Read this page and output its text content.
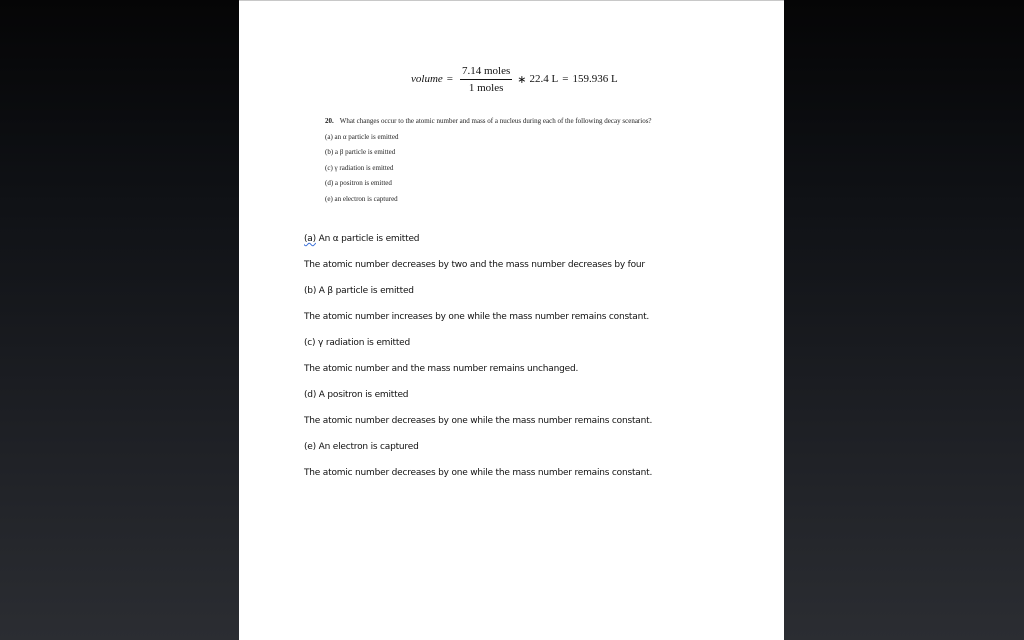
volume = $\frac{\text{7.14 moles}}{\text{1 moles}}$ ∗ 22.4 L = 159.936 L
20. What changes occur to the atomic number and mass of a nucleus during each of the following decay scenarios?
(a) an α particle is emitted
(b) a β particle is emitted
(c) γ radiation is emitted
(d) a positron is emitted
(e) an electron is captured
(a) An α particle is emitted
The atomic number decreases by two and the mass number decreases by four
(b) A β particle is emitted
The atomic number increases by one while the mass number remains constant.
(c) γ radiation is emitted
The atomic number and the mass number remains unchanged.
(d) A positron is emitted
The atomic number decreases by one while the mass number remains constant.
(e) An electron is captured
The atomic number decreases by one while the mass number remains constant.
